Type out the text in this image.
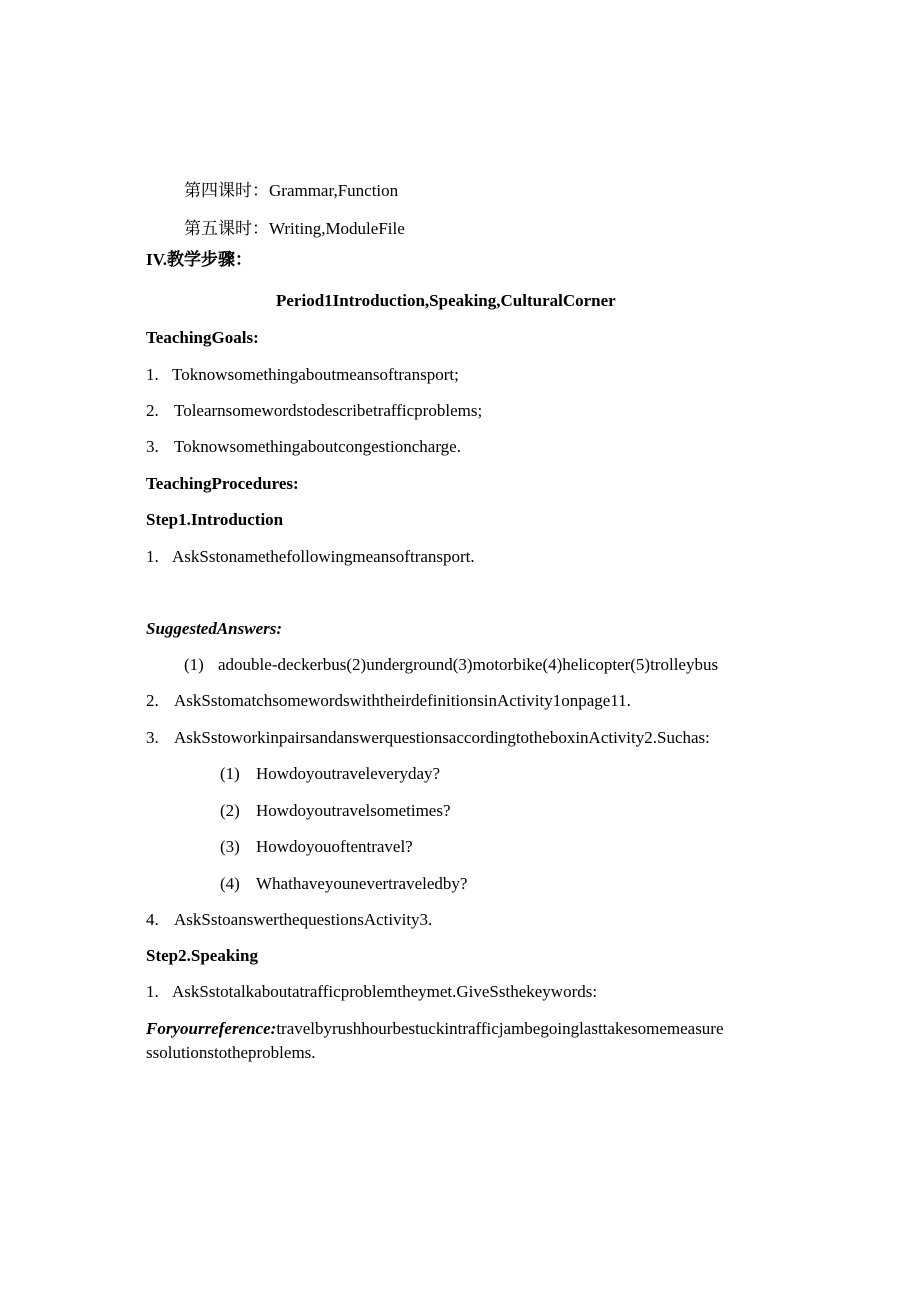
第四课时：Grammar,Function
第五课时：Writing,ModuleFile
IV.教学步骤：
Period1Introduction,Speaking,CulturalCorner
TeachingGoals:
1. Toknowsomethingaboutmeansoftransport;
2. Tolearnsomewordstodescribetrafficproblems;
3. Toknowsomethingaboutcongestioncharge.
TeachingProcedures:
Step1.Introduction
1. AskSstonamethefollowingmeansoftransport.
SuggestedAnswers:
(1) adouble-deckerbus(2)underground(3)motorbike(4)helicopter(5)trolleybus
2. AskSstomatchsomewordswiththeirdefinitionsinActivity1onpage11.
3. AskSstoworkinpairsandanswerquestionsaccordingtotheboxinActivity2.Suchas:
(1) Howdoyoutraveleveryday?
(2) Howdoyoutravelsometimes?
(3) Howdoyouoftentravel?
(4) Whathaveyounevertraveledby?
4. AskSstoanswerthequestionsActivity3.
Step2.Speaking
1. AskSstotalkaboutatrafficproblemtheymet.GiveSsthekeywords:
Foryourreference:travelbyrushhourbestuckintrafficjambegoinglasttakesomemeasure
ssolutionstotheproblems.
